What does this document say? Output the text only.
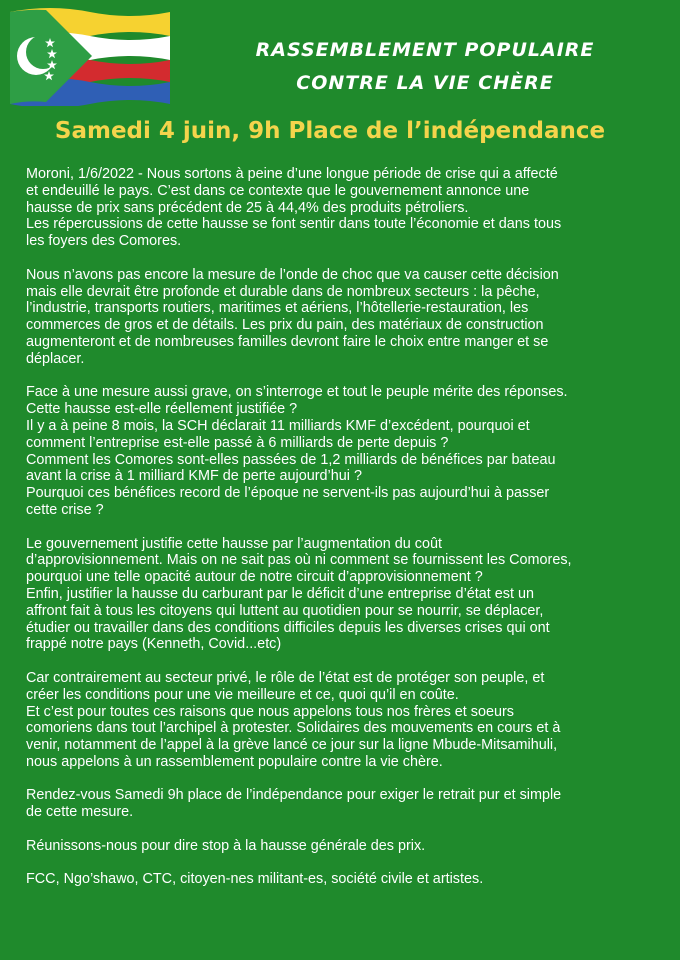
RASSEMBLEMENT POPULAIRE
CONTRE LA VIE CHÈRE
Samedi 4 juin, 9h Place de l’indépendance

Moroni, 1/6/2022 - Nous sortons à peine d’une longue période de crise qui a affecté
et endeuillé le pays. C’est dans ce contexte que le gouvernement annonce une
hausse de prix sans précédent de 25 à 44,4% des produits pétroliers.
Les répercussions de cette hausse se font sentir dans toute l’économie et dans tous
les foyers des Comores.

Nous n’avons pas encore la mesure de l’onde de choc que va causer cette décision
mais elle devrait être profonde et durable dans de nombreux secteurs : la pêche,
l’industrie, transports routiers, maritimes et aériens, l’hôtellerie-restauration, les
commerces de gros et de détails. Les prix du pain, des matériaux de construction
augmenteront et de nombreuses familles devront faire le choix entre manger et se
déplacer.

Face à une mesure aussi grave, on s’interroge et tout le peuple mérite des réponses.
Cette hausse est-elle réellement justifiée ?
Il y a à peine 8 mois, la SCH déclarait 11 milliards KMF d’excédent, pourquoi et
comment l’entreprise est-elle passé à 6 milliards de perte depuis ?
Comment les Comores sont-elles passées de 1,2 milliards de bénéfices par bateau
avant la crise à 1 milliard KMF de perte aujourd’hui ?
Pourquoi ces bénéfices record de l’époque ne servent-ils pas aujourd’hui à passer
cette crise ?

Le gouvernement justifie cette hausse par l’augmentation du coût
d’approvisionnement. Mais on ne sait pas où ni comment se fournissent les Comores,
pourquoi une telle opacité autour de notre circuit d’approvisionnement ?
Enfin, justifier la hausse du carburant par le déficit d’une entreprise d’état est un
affront fait à tous les citoyens qui luttent au quotidien pour se nourrir, se déplacer,
étudier ou travailler dans des conditions difficiles depuis les diverses crises qui ont
frappé notre pays (Kenneth, Covid...etc)

Car contrairement au secteur privé, le rôle de l’état est de protéger son peuple, et
créer les conditions pour une vie meilleure et ce, quoi qu’il en coûte.
Et c’est pour toutes ces raisons que nous appelons tous nos frères et soeurs
comoriens dans tout l’archipel à protester. Solidaires des mouvements en cours et à
venir, notamment de l’appel à la grève lancé ce jour sur la ligne Mbude-Mitsamihuli,
nous appelons à un rassemblement populaire contre la vie chère.

Rendez-vous Samedi 9h place de l’indépendance pour exiger le retrait pur et simple
de cette mesure.

Réunissons-nous pour dire stop à la hausse générale des prix.

FCC, Ngo’shawo, CTC, citoyen-nes militant-es, société civile et artistes.
